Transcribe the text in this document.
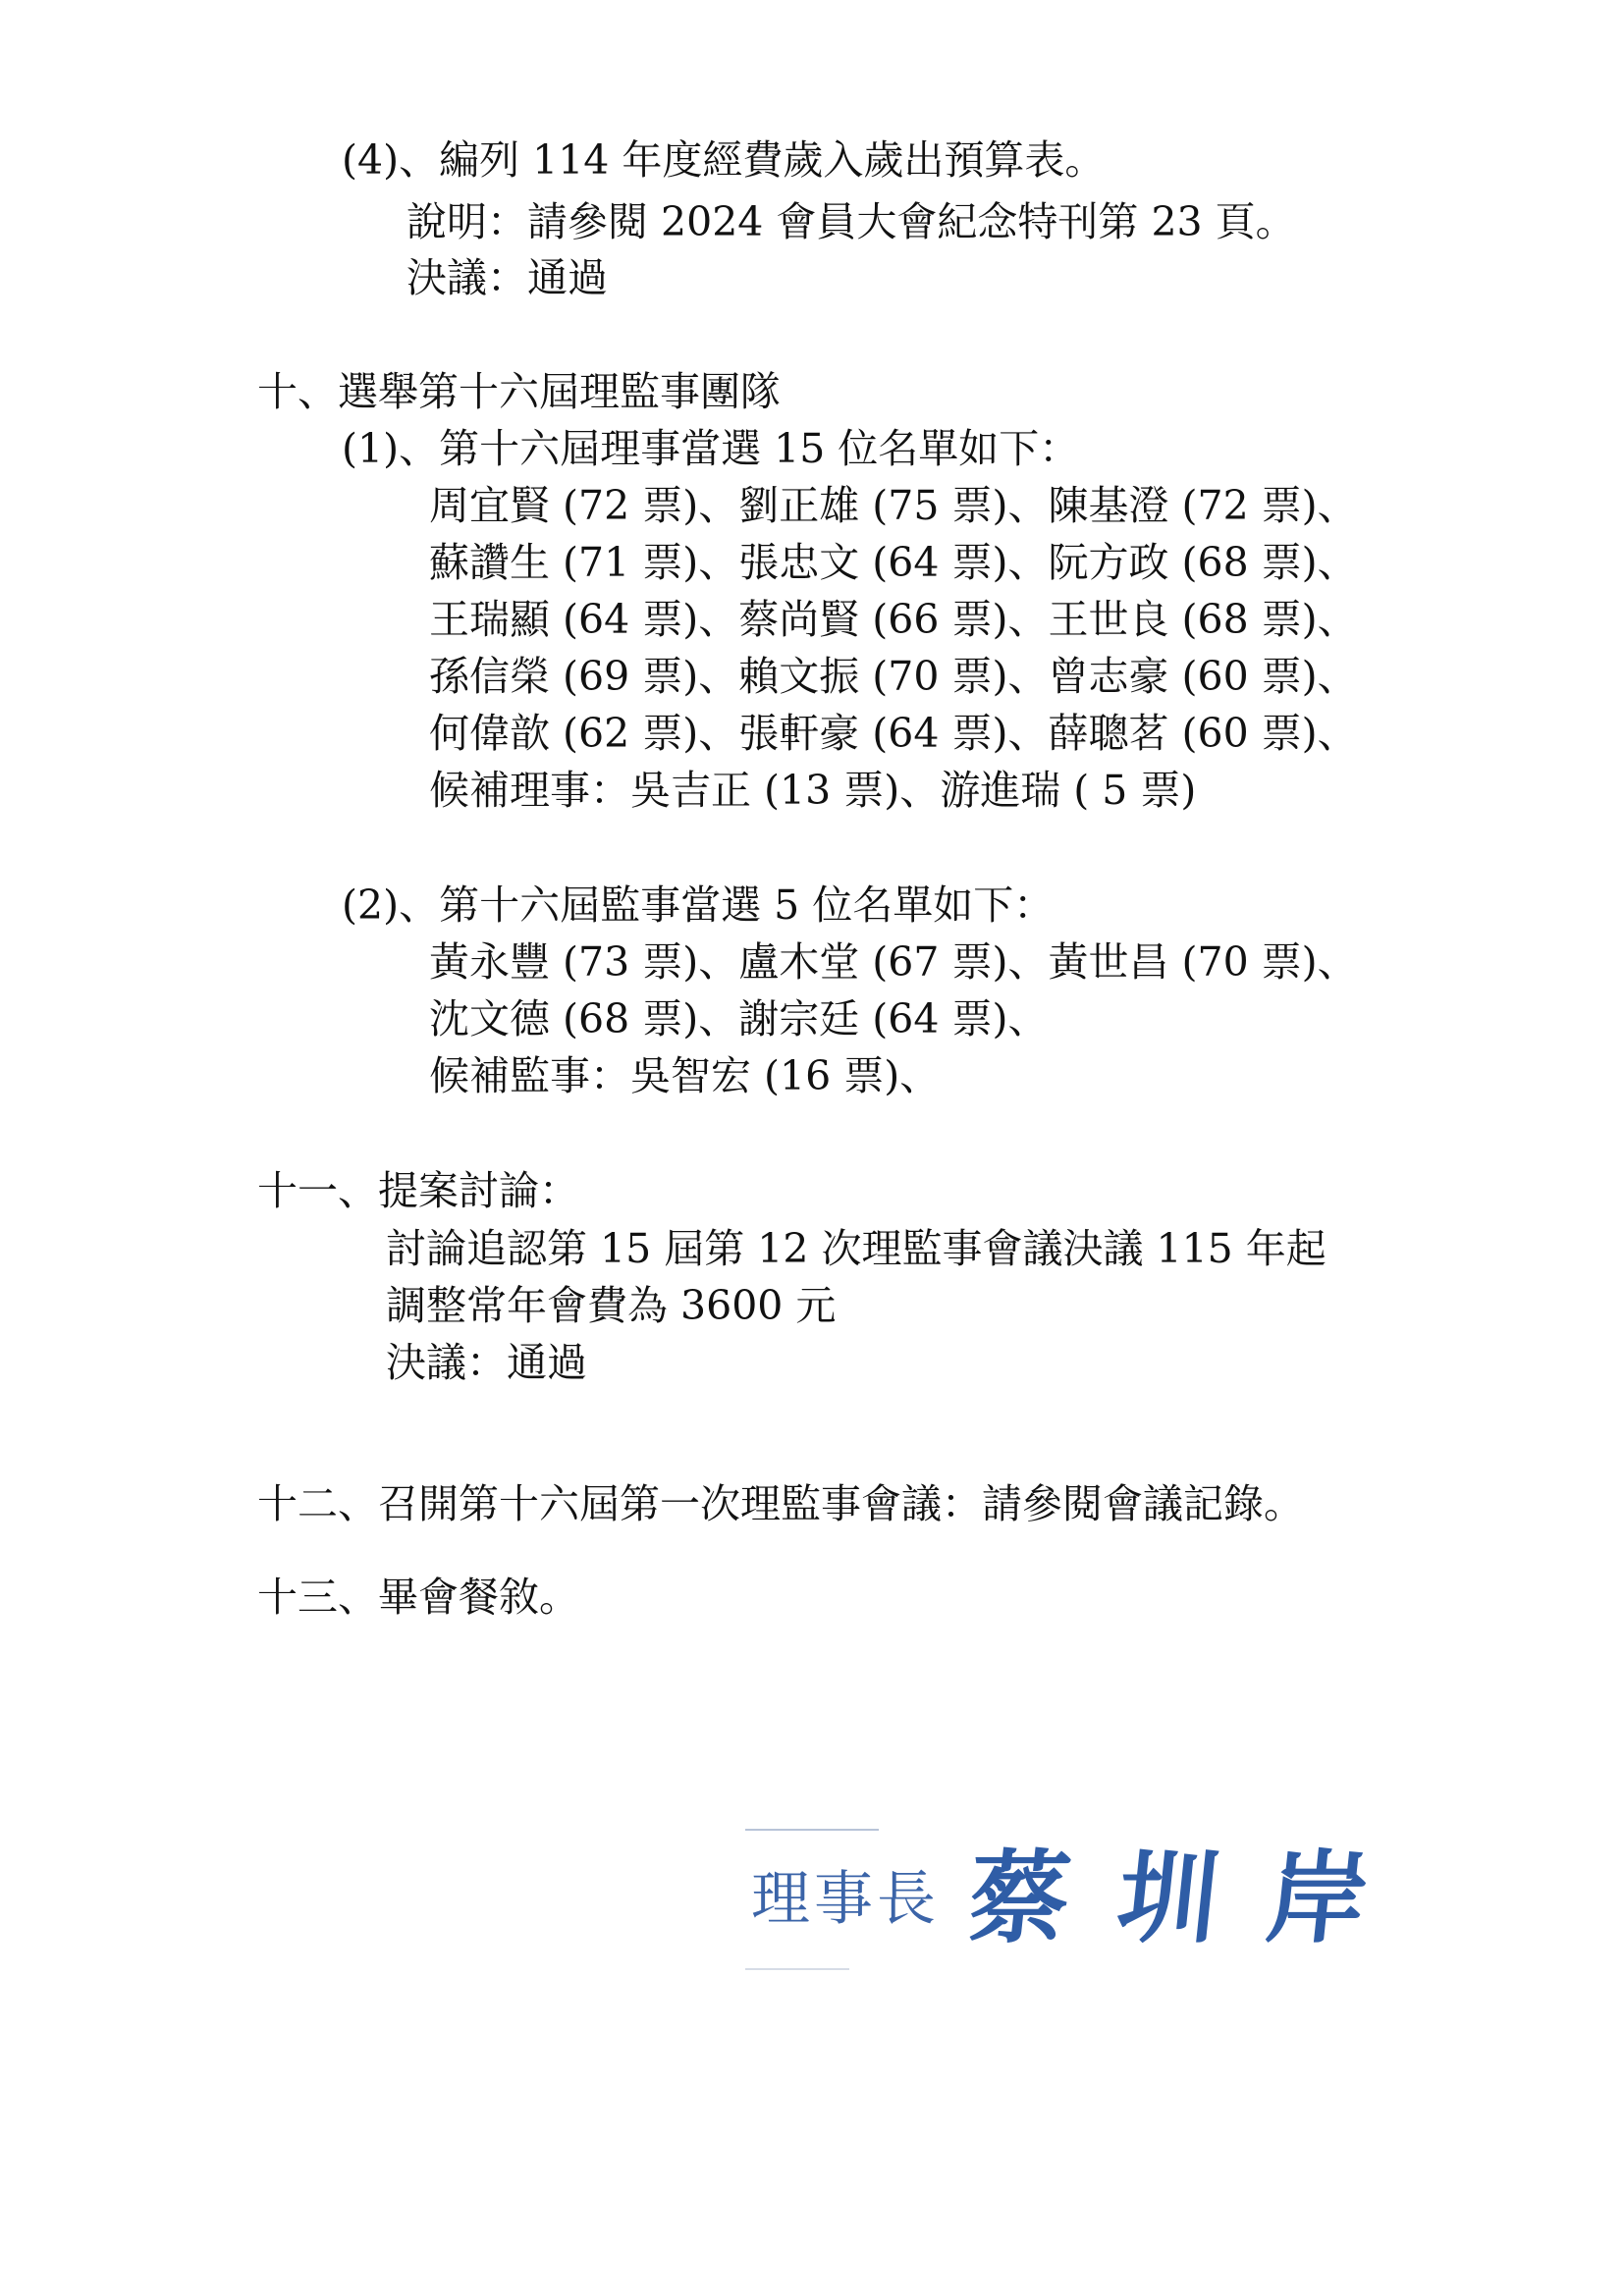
(4)、編列 114 年度經費歲入歲出預算表。
說明：請參閱 2024 會員大會紀念特刊第 23 頁。
決議：通過
十、選舉第十六屆理監事團隊
(1)、第十六屆理事當選 15 位名單如下：
周宜賢 (72 票)、劉正雄 (75 票)、陳基澄 (72 票)、
蘇讚生 (71 票)、張忠文 (64 票)、阮方政 (68 票)、
王瑞顯 (64 票)、蔡尚賢 (66 票)、王世良 (68 票)、
孫信榮 (69 票)、賴文振 (70 票)、曾志豪 (60 票)、
何偉歆 (62 票)、張軒豪 (64 票)、薛聰茗 (60 票)、
候補理事：吳吉正 (13 票)、游進瑞 ( 5 票)
(2)、第十六屆監事當選 5 位名單如下：
黃永豐 (73 票)、盧木堂 (67 票)、黃世昌 (70 票)、
沈文德 (68 票)、謝宗廷 (64 票)、
候補監事：吳智宏 (16 票)、
十一、提案討論：
討論追認第 15 屆第 12 次理監事會議決議 115 年起
調整常年會費為 3600 元
決議：通過
十二、召開第十六屆第一次理監事會議：請參閱會議記錄。
十三、畢會餐敘。
理事長 蔡圳岸
